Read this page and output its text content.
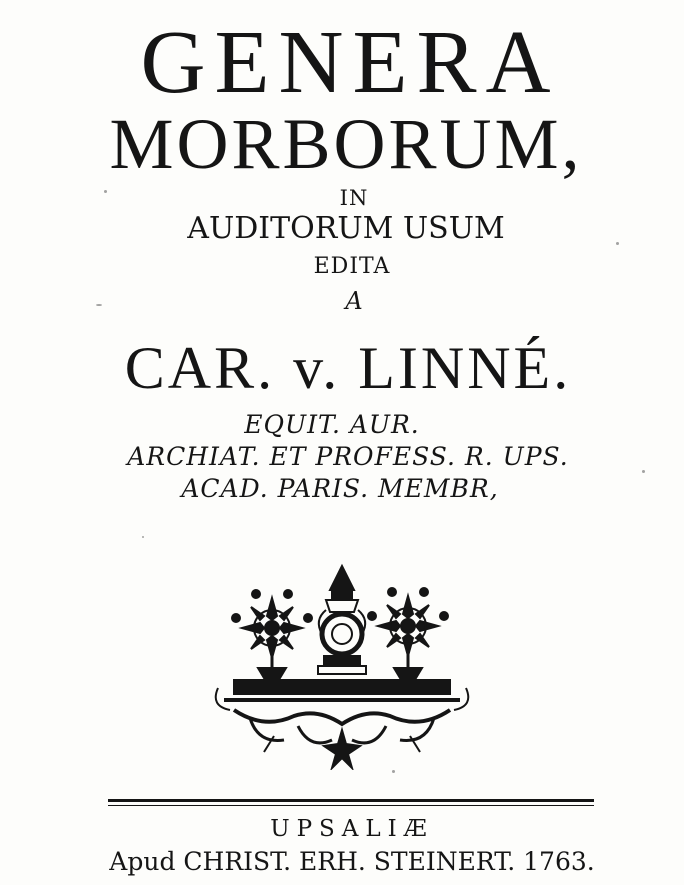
GENERA
MORBORUM,
IN
AUDITORUM USUM
EDITA
A
CAR. v. LINNÉ.
EQUIT. AUR.
ARCHIAT. ET PROFESS. R. UPS.
ACAD. PARIS. MEMBR,
UPSALIÆ
Apud CHRIST. ERH. STEINERT. 1763.
